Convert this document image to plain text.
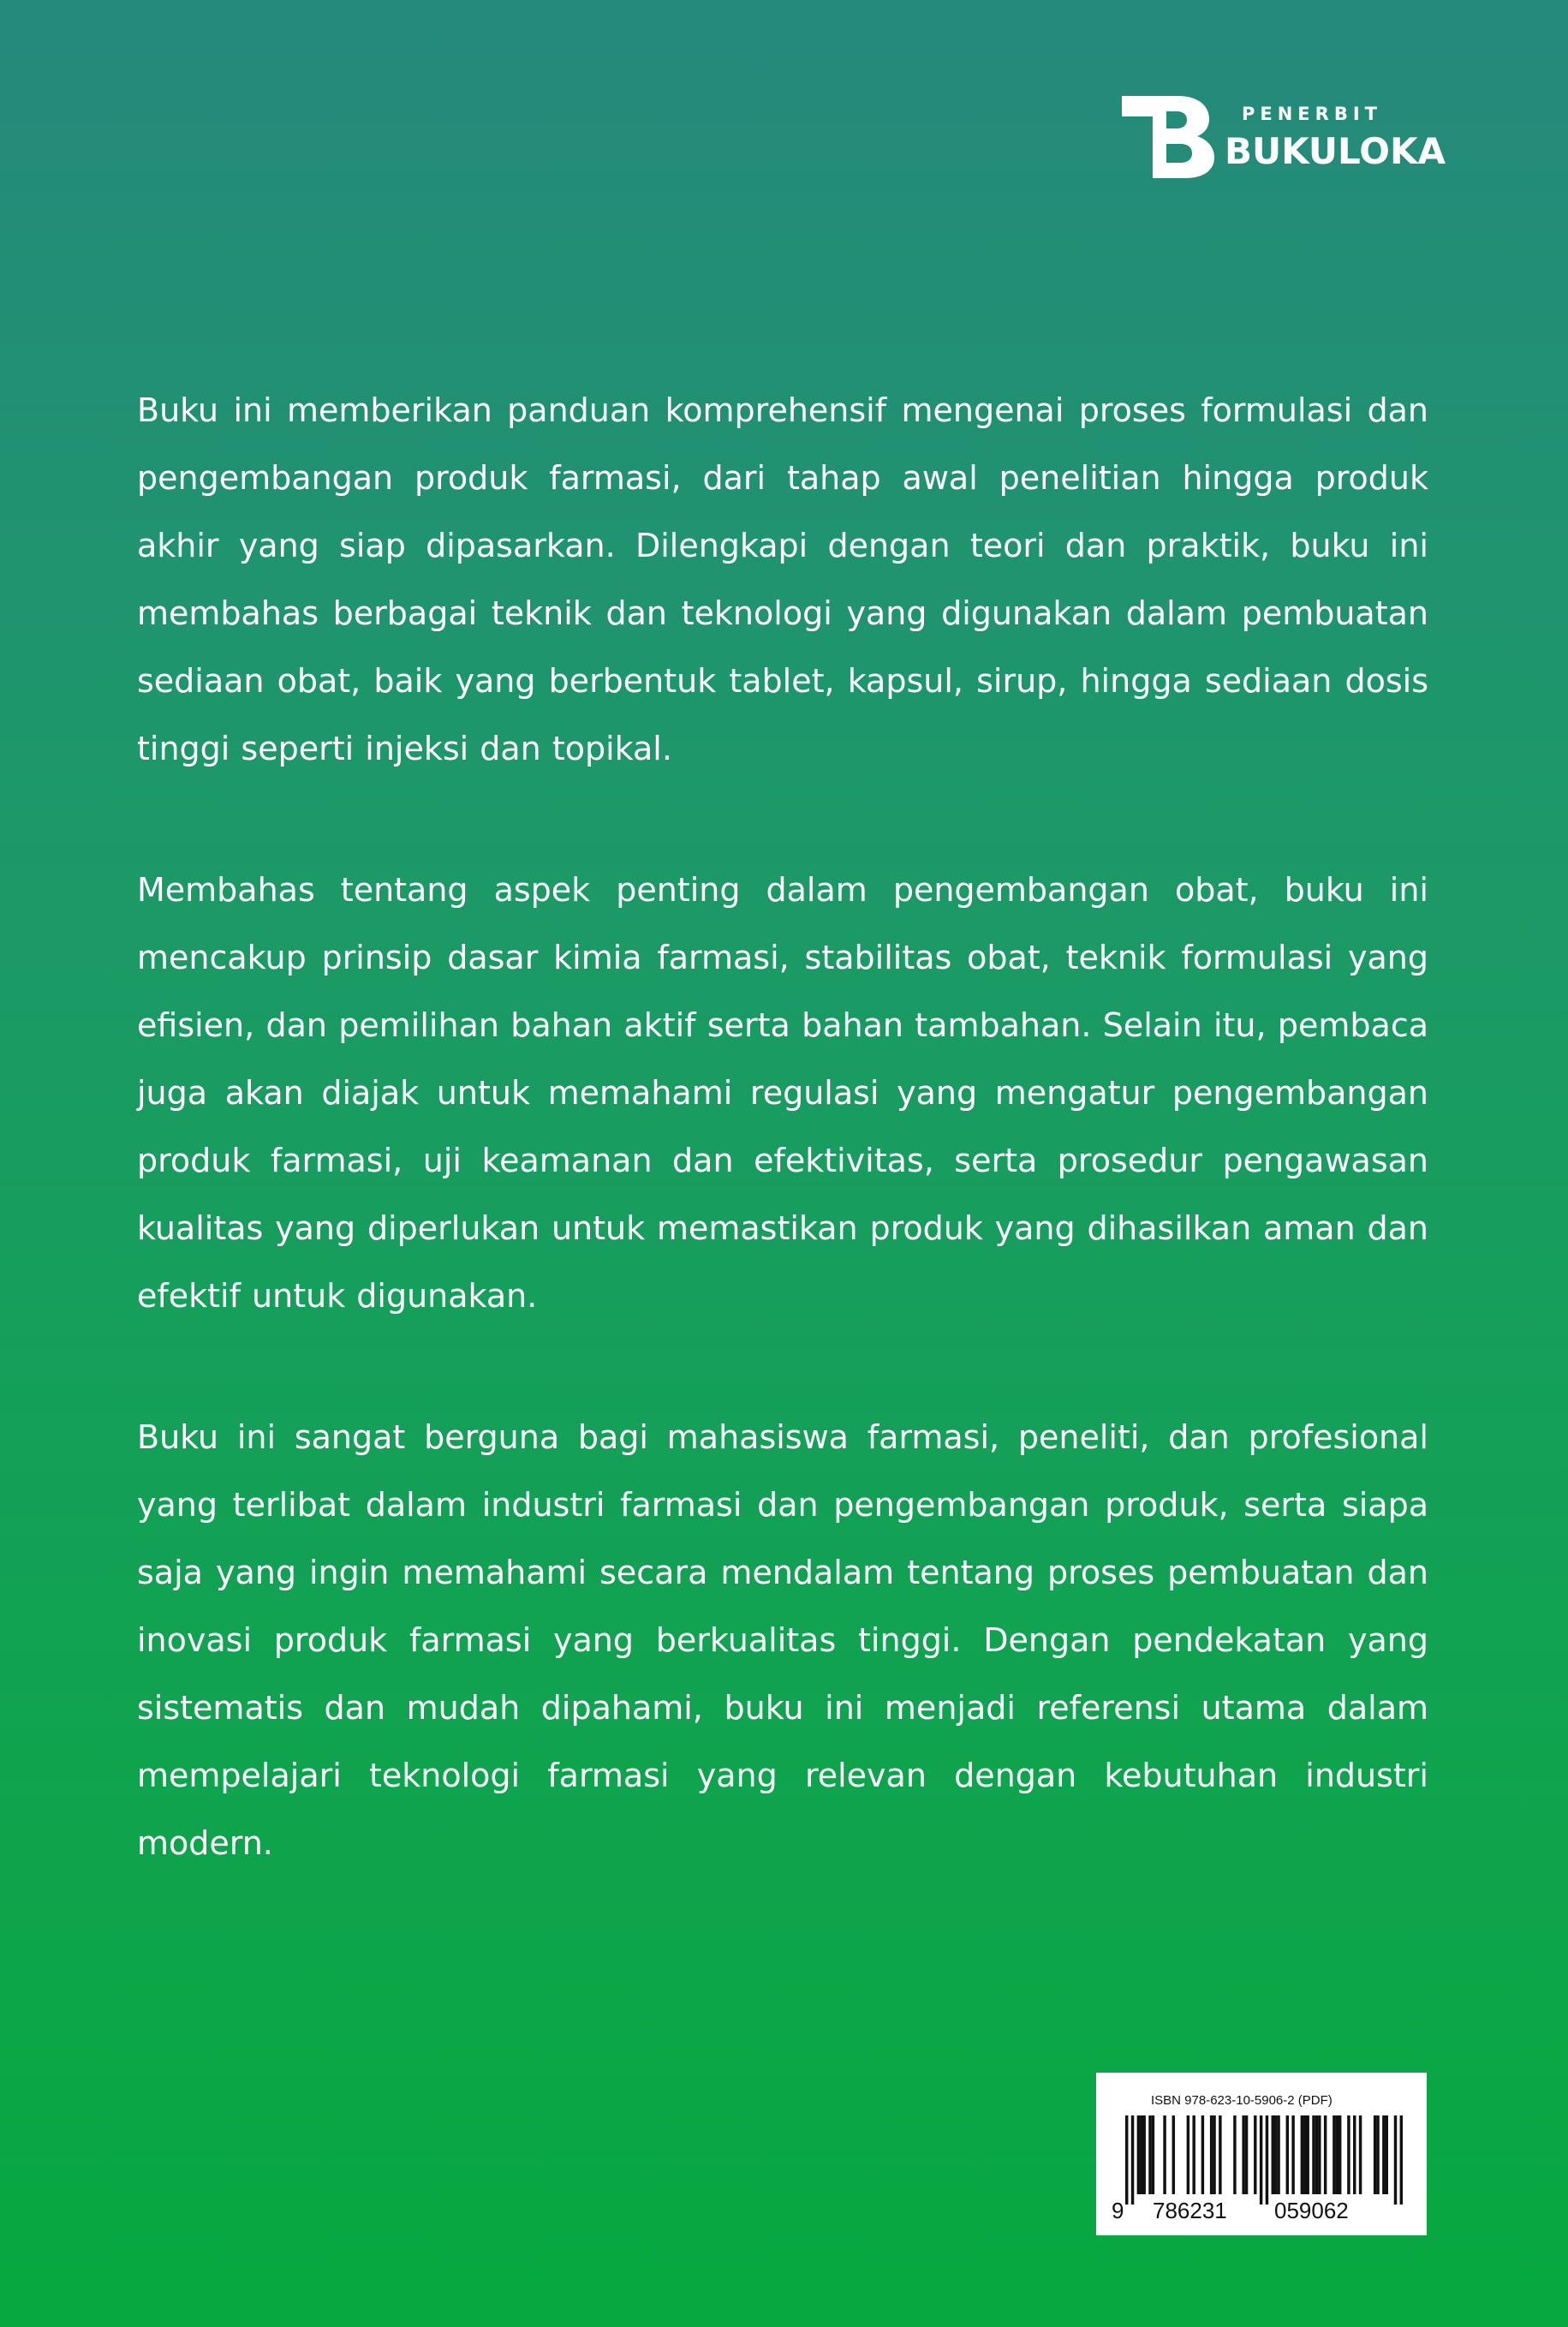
PENERBIT
BUKULOKA

Buku ini memberikan panduan komprehensif mengenai proses formulasi dan pengembangan produk farmasi, dari tahap awal penelitian hingga produk akhir yang siap dipasarkan. Dilengkapi dengan teori dan praktik, buku ini membahas berbagai teknik dan teknologi yang digunakan dalam pembuatan sediaan obat, baik yang berbentuk tablet, kapsul, sirup, hingga sediaan dosis tinggi seperti injeksi dan topikal.

Membahas tentang aspek penting dalam pengembangan obat, buku ini mencakup prinsip dasar kimia farmasi, stabilitas obat, teknik formulasi yang efisien, dan pemilihan bahan aktif serta bahan tambahan. Selain itu, pembaca juga akan diajak untuk memahami regulasi yang mengatur pengembangan produk farmasi, uji keamanan dan efektivitas, serta prosedur pengawasan kualitas yang diperlukan untuk memastikan produk yang dihasilkan aman dan efektif untuk digunakan.

Buku ini sangat berguna bagi mahasiswa farmasi, peneliti, dan profesional yang terlibat dalam industri farmasi dan pengembangan produk, serta siapa saja yang ingin memahami secara mendalam tentang proses pembuatan dan inovasi produk farmasi yang berkualitas tinggi. Dengan pendekatan yang sistematis dan mudah dipahami, buku ini menjadi referensi utama dalam mempelajari teknologi farmasi yang relevan dengan kebutuhan industri modern.

ISBN 978-623-10-5906-2 (PDF)
9 786231 059062
